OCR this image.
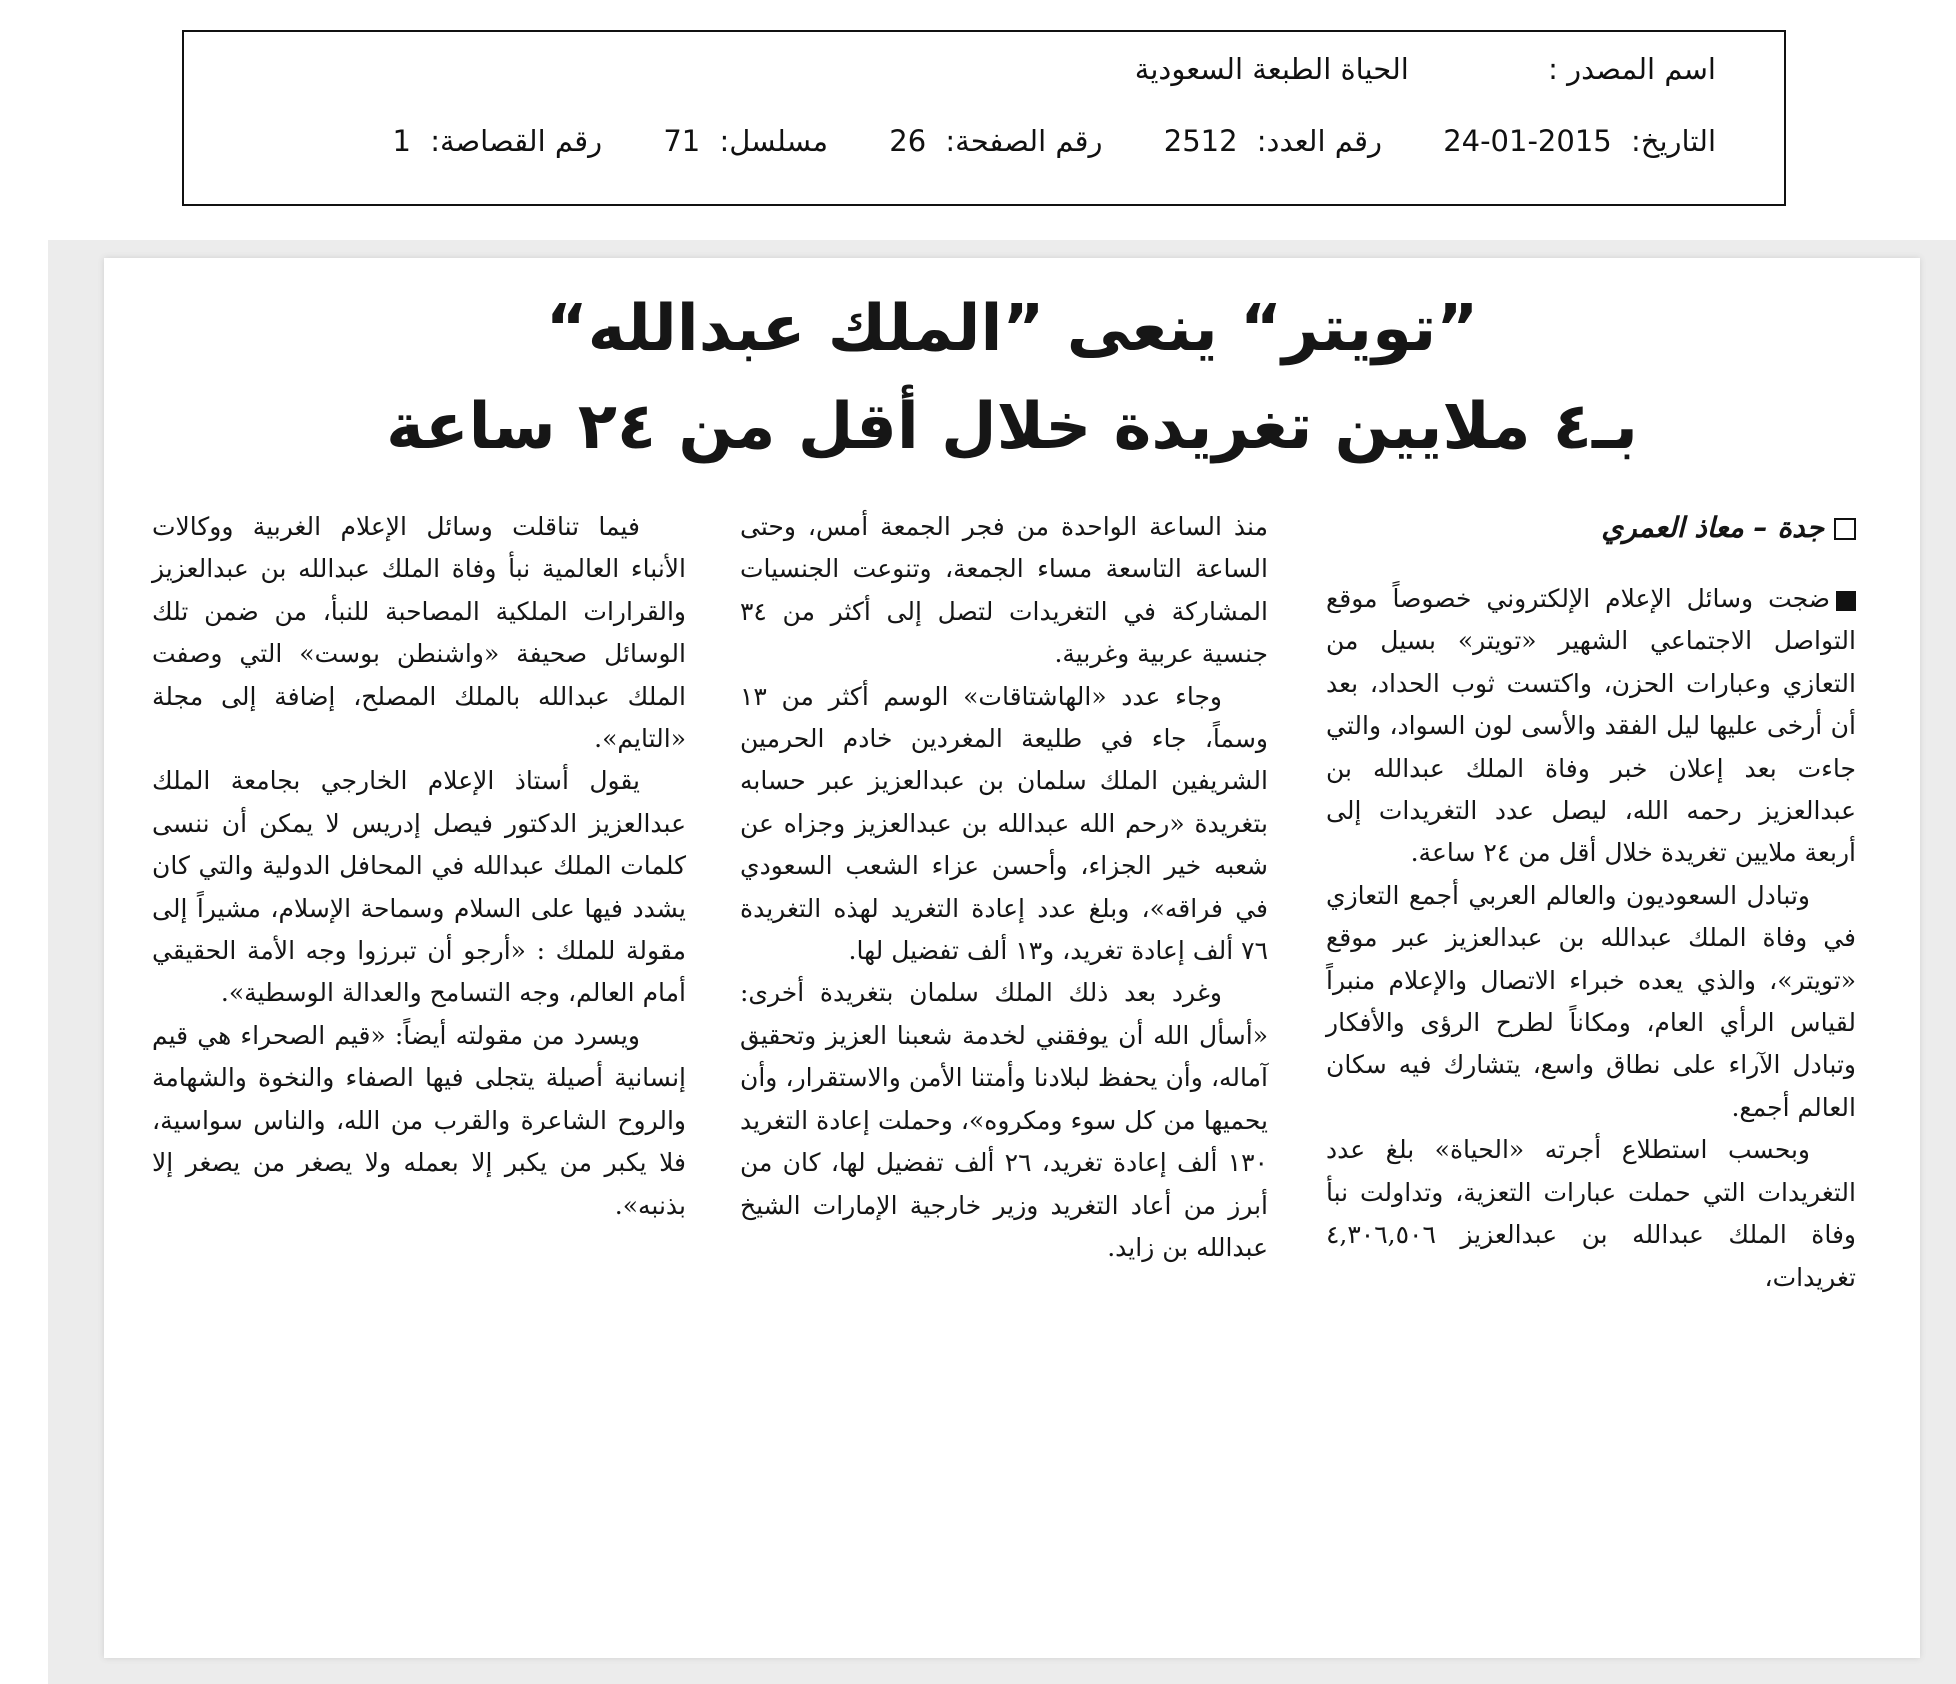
اسم المصدر : الحياة الطبعة السعودية
التاريخ: 24-01-2015 رقم العدد: 2512 رقم الصفحة: 26 مسلسل: 71 رقم القصاصة: 1
”تويتر“ ينعى ”الملك عبدالله“
بـ٤ ملايين تغريدة خلال أقل من ٢٤ ساعة
جدة – معاذ العمري

ضجت وسائل الإعلام الإلكتروني خصوصاً موقع التواصل الاجتماعي الشهير «تويتر» بسيل من التعازي وعبارات الحزن، واكتست ثوب الحداد، بعد أن أرخى عليها ليل الفقد والأسى لون السواد، والتي جاءت بعد إعلان خبر وفاة الملك عبدالله بن عبدالعزيز رحمه الله، ليصل عدد التغريدات إلى أربعة ملايين تغريدة خلال أقل من ٢٤ ساعة.

وتبادل السعوديون والعالم العربي أجمع التعازي في وفاة الملك عبدالله بن عبدالعزيز عبر موقع «تويتر»، والذي يعده خبراء الاتصال والإعلام منبراً لقياس الرأي العام، ومكاناً لطرح الرؤى والأفكار وتبادل الآراء على نطاق واسع، يتشارك فيه سكان العالم أجمع.

وبحسب استطلاع أجرته «الحياة» بلغ عدد التغريدات التي حملت عبارات التعزية، وتداولت نبأ وفاة الملك عبدالله بن عبدالعزيز ٤,٣٠٦,٥٠٦ تغريدات،

منذ الساعة الواحدة من فجر الجمعة أمس، وحتى الساعة التاسعة مساء الجمعة، وتنوعت الجنسيات المشاركة في التغريدات لتصل إلى أكثر من ٣٤ جنسية عربية وغربية.

وجاء عدد «الهاشتاقات» الوسم أكثر من ١٣ وسماً، جاء في طليعة المغردين خادم الحرمين الشريفين الملك سلمان بن عبدالعزيز عبر حسابه بتغريدة «رحم الله عبدالله بن عبدالعزيز وجزاه عن شعبه خير الجزاء، وأحسن عزاء الشعب السعودي في فراقه»، وبلغ عدد إعادة التغريد لهذه التغريدة ٧٦ ألف إعادة تغريد، و١٣ ألف تفضيل لها.

وغرد بعد ذلك الملك سلمان بتغريدة أخرى: «أسأل الله أن يوفقني لخدمة شعبنا العزيز وتحقيق آماله، وأن يحفظ لبلادنا وأمتنا الأمن والاستقرار، وأن يحميها من كل سوء ومكروه»، وحملت إعادة التغريد ١٣٠ ألف إعادة تغريد، ٢٦ ألف تفضيل لها، كان من أبرز من أعاد التغريد وزير خارجية الإمارات الشيخ عبدالله بن زايد.

فيما تناقلت وسائل الإعلام الغربية ووكالات الأنباء العالمية نبأ وفاة الملك عبدالله بن عبدالعزيز والقرارات الملكية المصاحبة للنبأ، من ضمن تلك الوسائل صحيفة «واشنطن بوست» التي وصفت الملك عبدالله بالملك المصلح، إضافة إلى مجلة «التايم».

يقول أستاذ الإعلام الخارجي بجامعة الملك عبدالعزيز الدكتور فيصل إدريس لا يمكن أن ننسى كلمات الملك عبدالله في المحافل الدولية والتي كان يشدد فيها على السلام وسماحة الإسلام، مشيراً إلى مقولة للملك : «أرجو أن تبرزوا وجه الأمة الحقيقي أمام العالم، وجه التسامح والعدالة الوسطية».

ويسرد من مقولته أيضاً: «قيم الصحراء هي قيم إنسانية أصيلة يتجلى فيها الصفاء والنخوة والشهامة والروح الشاعرة والقرب من الله، والناس سواسية، فلا يكبر من يكبر إلا بعمله ولا يصغر من يصغر إلا بذنبه».
